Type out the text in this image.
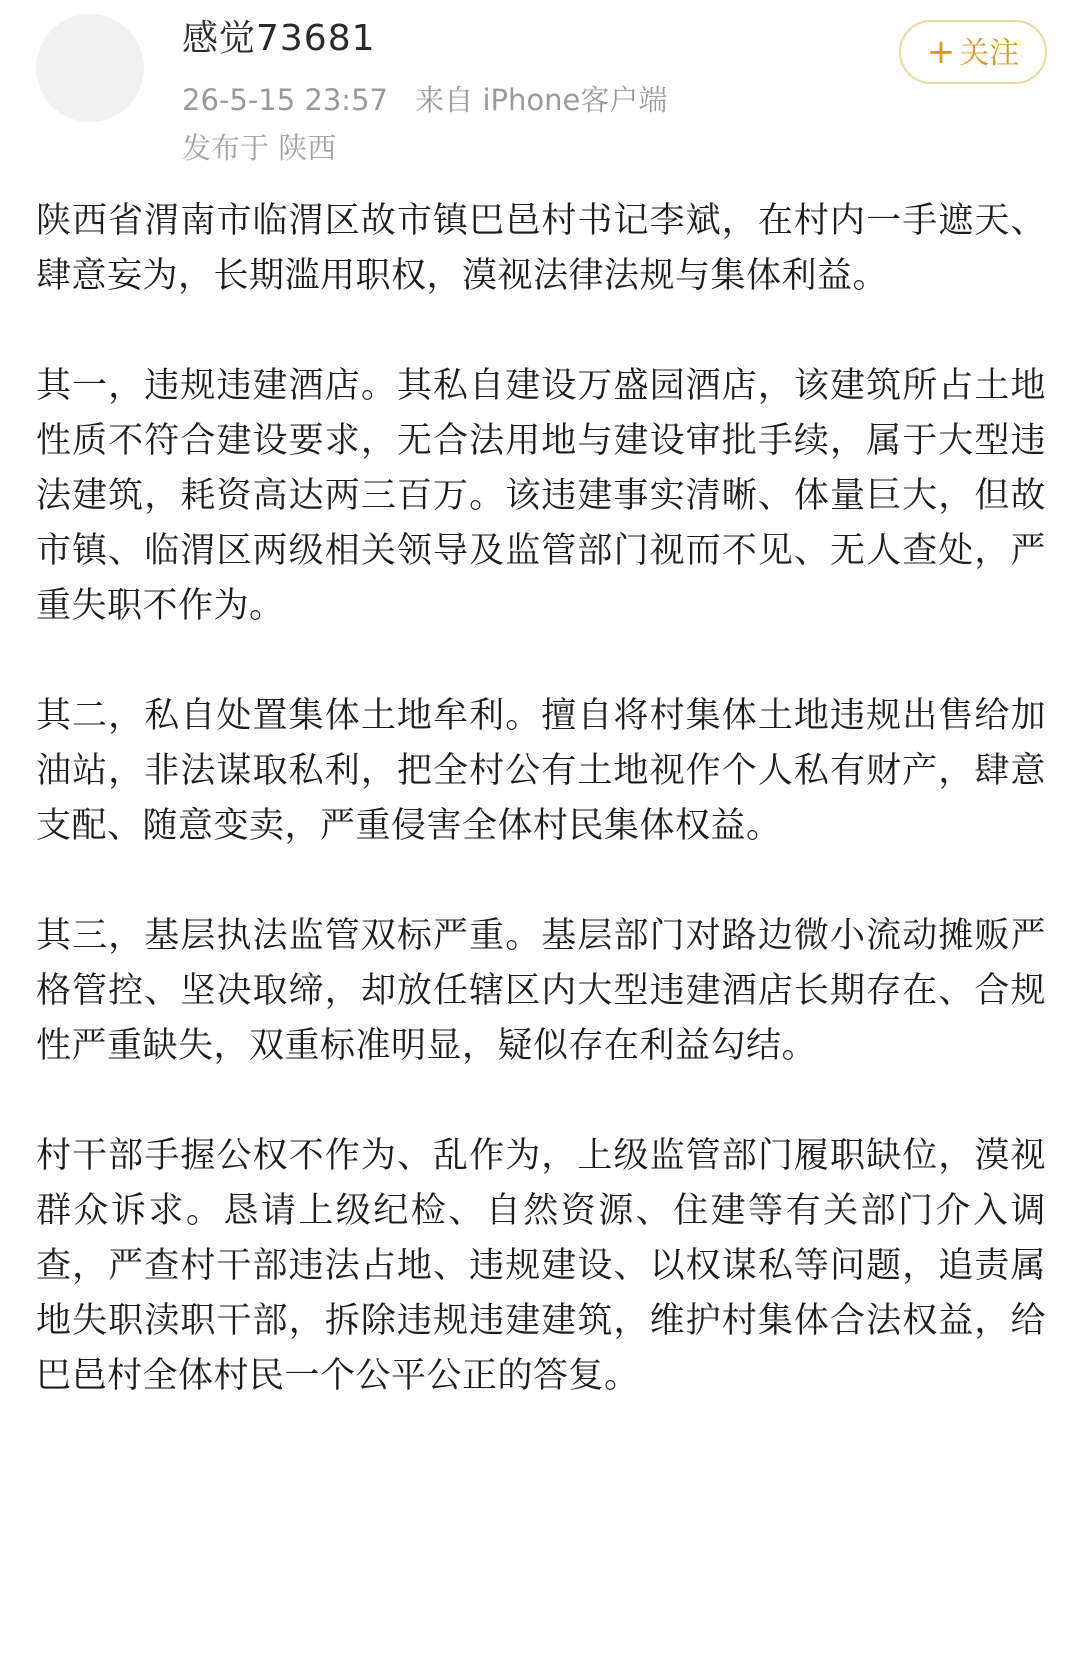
感觉73681
26-5-15 23:57 来自 iPhone客户端
发布于 陕西
+ 关注

陕西省渭南市临渭区故市镇巴邑村书记李斌，在村内一手遮天、肆意妄为，长期滥用职权，漠视法律法规与集体利益。

其一，违规违建酒店。其私自建设万盛园酒店，该建筑所占土地性质不符合建设要求，无合法用地与建设审批手续，属于大型违法建筑，耗资高达两三百万。该违建事实清晰、体量巨大，但故市镇、临渭区两级相关领导及监管部门视而不见、无人查处，严重失职不作为。

其二，私自处置集体土地牟利。擅自将村集体土地违规出售给加油站，非法谋取私利，把全村公有土地视作个人私有财产，肆意支配、随意变卖，严重侵害全体村民集体权益。

其三，基层执法监管双标严重。基层部门对路边微小流动摊贩严格管控、坚决取缔，却放任辖区内大型违建酒店长期存在、合规性严重缺失，双重标准明显，疑似存在利益勾结。

村干部手握公权不作为、乱作为，上级监管部门履职缺位，漠视群众诉求。恳请上级纪检、自然资源、住建等有关部门介入调查，严查村干部违法占地、违规建设、以权谋私等问题，追责属地失职渎职干部，拆除违规违建建筑，维护村集体合法权益，给巴邑村全体村民一个公平公正的答复。
